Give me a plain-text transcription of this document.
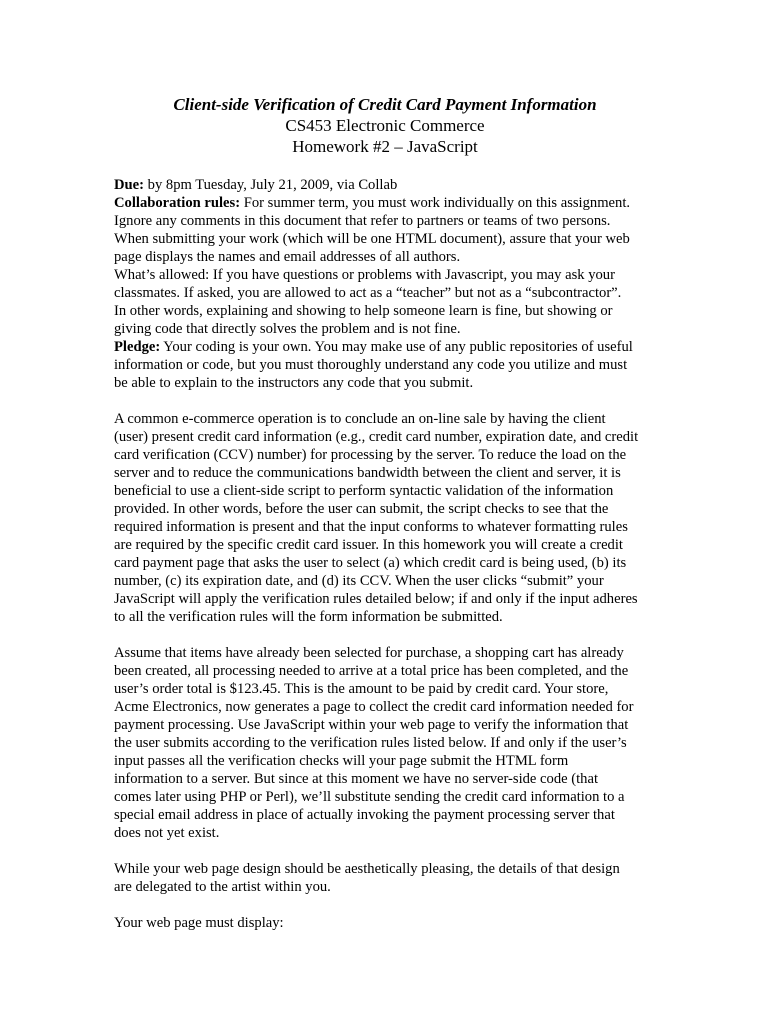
Client-side Verification of Credit Card Payment Information
CS453 Electronic Commerce
Homework #2 – JavaScript
Due: by 8pm Tuesday, July 21, 2009, via Collab
Collaboration rules: For summer term, you must work individually on this assignment.
Ignore any comments in this document that refer to partners or teams of two persons.
When submitting your work (which will be one HTML document), assure that your web
page displays the names and email addresses of all authors.
What’s allowed: If you have questions or problems with Javascript, you may ask your
classmates. If asked, you are allowed to act as a “teacher” but not as a “subcontractor”.
In other words, explaining and showing to help someone learn is fine, but showing or
giving code that directly solves the problem and is not fine.
Pledge: Your coding is your own. You may make use of any public repositories of useful
information or code, but you must thoroughly understand any code you utilize and must
be able to explain to the instructors any code that you submit.
A common e-commerce operation is to conclude an on-line sale by having the client
(user) present credit card information (e.g., credit card number, expiration date, and credit
card verification (CCV) number) for processing by the server. To reduce the load on the
server and to reduce the communications bandwidth between the client and server, it is
beneficial to use a client-side script to perform syntactic validation of the information
provided. In other words, before the user can submit, the script checks to see that the
required information is present and that the input conforms to whatever formatting rules
are required by the specific credit card issuer. In this homework you will create a credit
card payment page that asks the user to select (a) which credit card is being used, (b) its
number, (c) its expiration date, and (d) its CCV. When the user clicks “submit” your
JavaScript will apply the verification rules detailed below; if and only if the input adheres
to all the verification rules will the form information be submitted.
Assume that items have already been selected for purchase, a shopping cart has already
been created, all processing needed to arrive at a total price has been completed, and the
user’s order total is $123.45. This is the amount to be paid by credit card. Your store,
Acme Electronics, now generates a page to collect the credit card information needed for
payment processing. Use JavaScript within your web page to verify the information that
the user submits according to the verification rules listed below. If and only if the user’s
input passes all the verification checks will your page submit the HTML form
information to a server. But since at this moment we have no server-side code (that
comes later using PHP or Perl), we’ll substitute sending the credit card information to a
special email address in place of actually invoking the payment processing server that
does not yet exist.
While your web page design should be aesthetically pleasing, the details of that design
are delegated to the artist within you.
Your web page must display:
